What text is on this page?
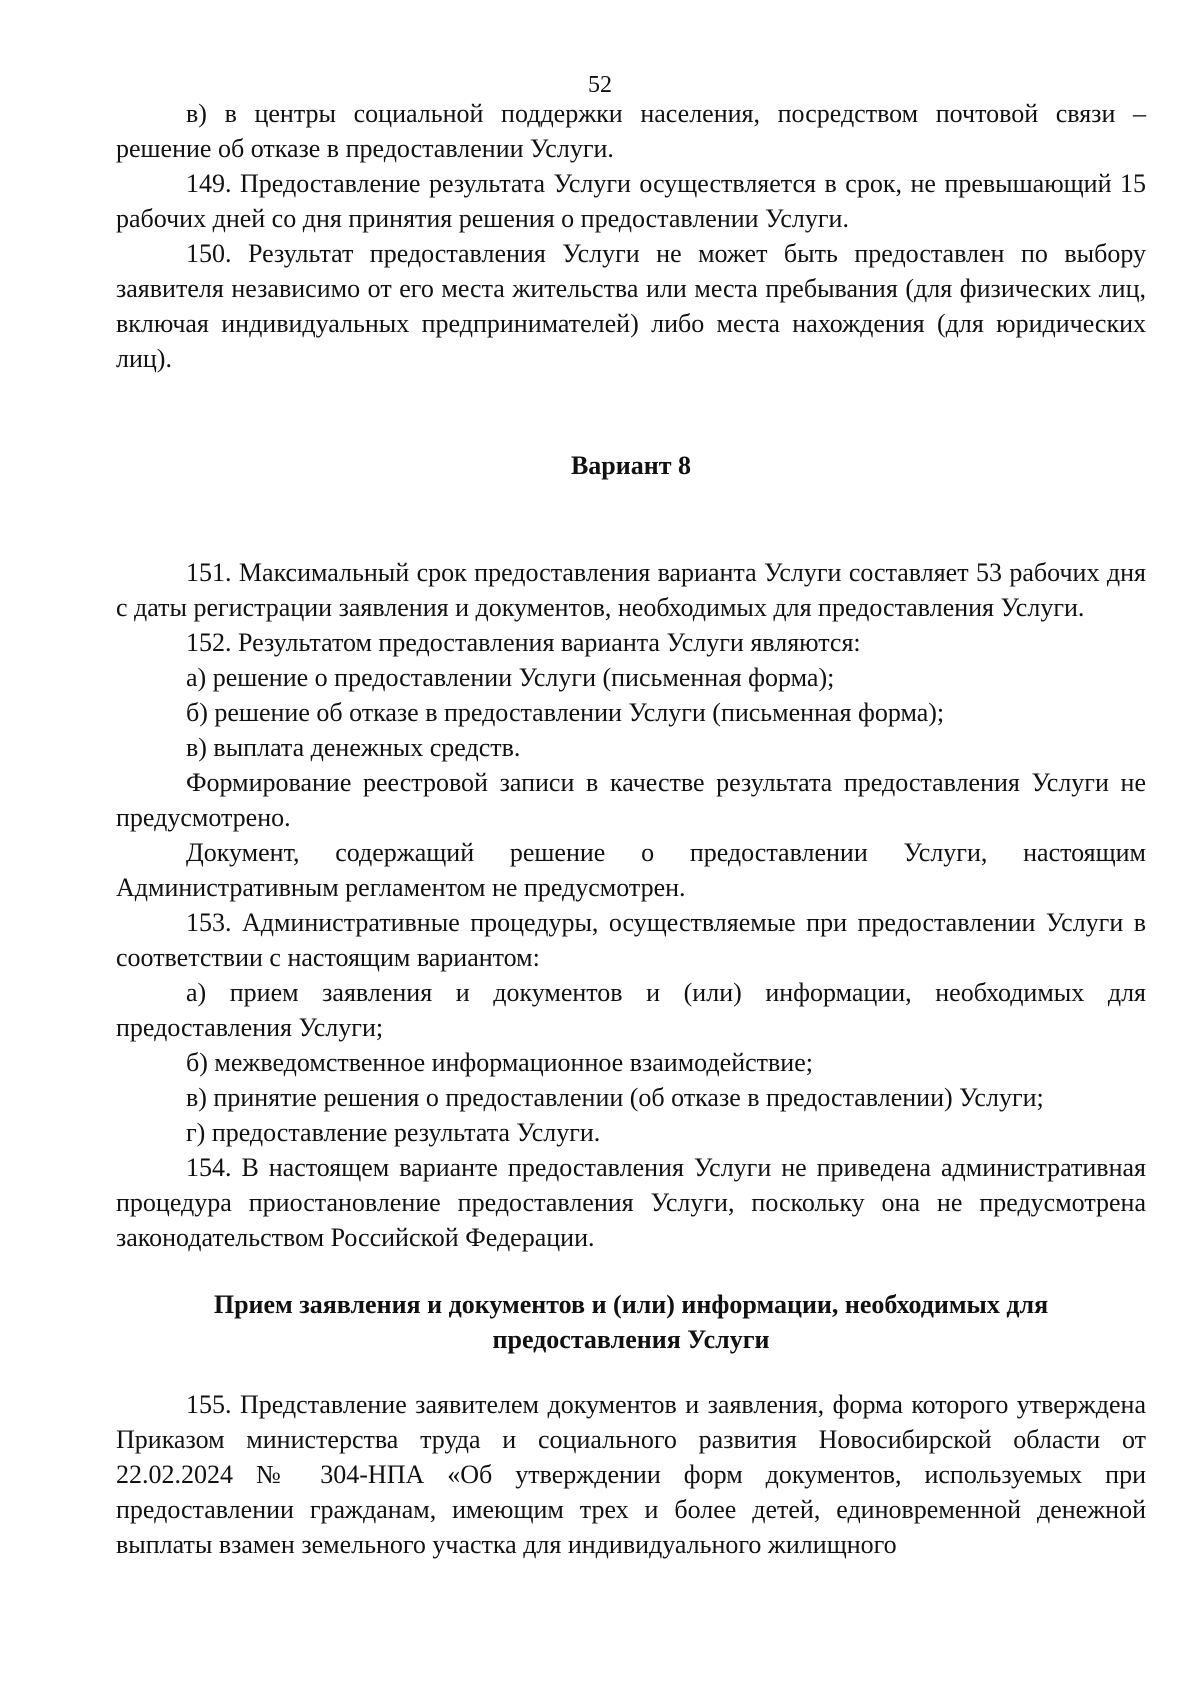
52

в) в центры социальной поддержки населения, посредством почтовой связи – решение об отказе в предоставлении Услуги.

149. Предоставление результата Услуги осуществляется в срок, не превышающий 15 рабочих дней со дня принятия решения о предоставлении Услуги.

150. Результат предоставления Услуги не может быть предоставлен по выбору заявителя независимо от его места жительства или места пребывания (для физических лиц, включая индивидуальных предпринимателей) либо места нахождения (для юридических лиц).

Вариант 8

151. Максимальный срок предоставления варианта Услуги составляет 53 рабочих дня с даты регистрации заявления и документов, необходимых для предоставления Услуги.

152. Результатом предоставления варианта Услуги являются:

а) решение о предоставлении Услуги (письменная форма);

б) решение об отказе в предоставлении Услуги (письменная форма);

в) выплата денежных средств.

Формирование реестровой записи в качестве результата предоставления Услуги не предусмотрено.

Документ, содержащий решение о предоставлении Услуги, настоящим Административным регламентом не предусмотрен.

153. Административные процедуры, осуществляемые при предоставлении Услуги в соответствии с настоящим вариантом:

а) прием заявления и документов и (или) информации, необходимых для предоставления Услуги;

б) межведомственное информационное взаимодействие;

в) принятие решения о предоставлении (об отказе в предоставлении) Услуги;

г) предоставление результата Услуги.

154. В настоящем варианте предоставления Услуги не приведена административная процедура приостановление предоставления Услуги, поскольку она не предусмотрена законодательством Российской Федерации.

Прием заявления и документов и (или) информации, необходимых для
предоставления Услуги

155. Представление заявителем документов и заявления, форма которого утверждена Приказом министерства труда и социального развития Новосибирской области от 22.02.2024 № 304-НПА «Об утверждении форм документов, используемых при предоставлении гражданам, имеющим трех и более детей, единовременной денежной выплаты взамен земельного участка для индивидуального жилищного
